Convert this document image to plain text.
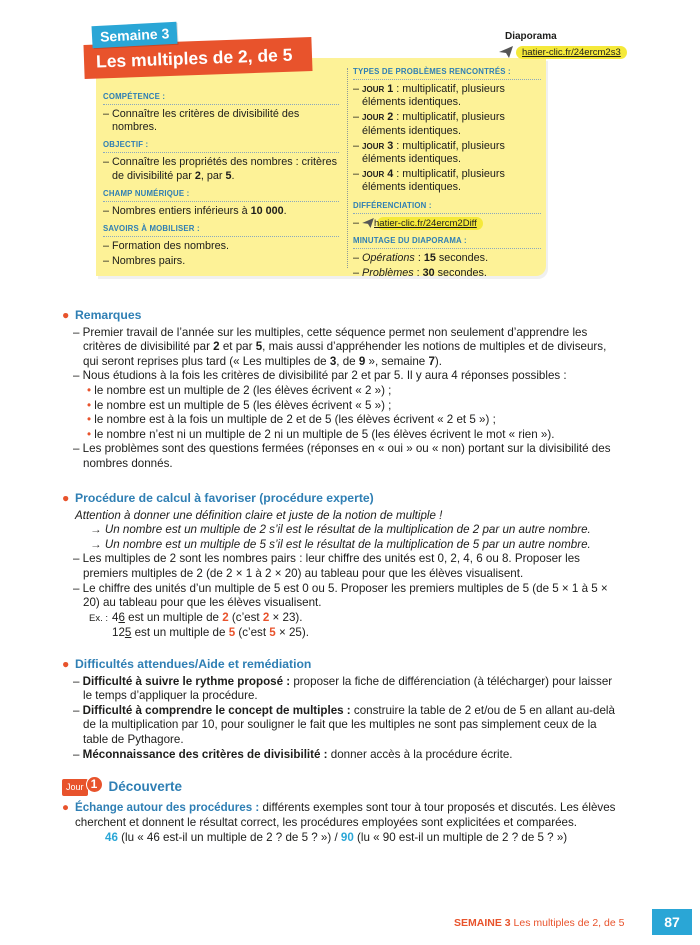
Semaine 3
Les multiples de 2, de 5
Diaporama
hatier-clic.fr/24ercm2s3
COMPÉTENCE :
– Connaître les critères de divisibilité des nombres.
OBJECTIF :
– Connaître les propriétés des nombres : critères de divisibilité par 2, par 5.
CHAMP NUMÉRIQUE :
– Nombres entiers inférieurs à 10 000.
SAVOIRS À MOBILISER :
– Formation des nombres.
– Nombres pairs.
TYPES DE PROBLÈMES RENCONTRÉS :
– JOUR 1 : multiplicatif, plusieurs éléments identiques.
– JOUR 2 : multiplicatif, plusieurs éléments identiques.
– JOUR 3 : multiplicatif, plusieurs éléments identiques.
– JOUR 4 : multiplicatif, plusieurs éléments identiques.
DIFFÉRENCIATION :
– hatier-clic.fr/24ercm2Diff
MINUTAGE DU DIAPORAMA :
– Opérations : 15 secondes.
– Problèmes : 30 secondes.
● Remarques
– Premier travail de l’année sur les multiples, cette séquence permet non seulement d’apprendre les critères de divisibilité par 2 et par 5, mais aussi d’appréhender les notions de multiples et de diviseurs, qui seront reprises plus tard (« Les multiples de 3, de 9 », semaine 7).
– Nous étudions à la fois les critères de divisibilité par 2 et par 5. Il y aura 4 réponses possibles :
• le nombre est un multiple de 2 (les élèves écrivent « 2 ») ;
• le nombre est un multiple de 5 (les élèves écrivent « 5 ») ;
• le nombre est à la fois un multiple de 2 et de 5 (les élèves écrivent « 2 et 5 ») ;
• le nombre n’est ni un multiple de 2 ni un multiple de 5 (les élèves écrivent le mot « rien »).
– Les problèmes sont des questions fermées (réponses en « oui » ou « non) portant sur la divisibilité des nombres donnés.
● Procédure de calcul à favoriser (procédure experte)
Attention à donner une définition claire et juste de la notion de multiple !
→ Un nombre est un multiple de 2 s’il est le résultat de la multiplication de 2 par un autre nombre.
→ Un nombre est un multiple de 5 s’il est le résultat de la multiplication de 5 par un autre nombre.
– Les multiples de 2 sont les nombres pairs : leur chiffre des unités est 0, 2, 4, 6 ou 8. Proposer les premiers multiples de 2 (de 2 × 1 à 2 × 20) au tableau pour que les élèves visualisent.
– Le chiffre des unités d’un multiple de 5 est 0 ou 5. Proposer les premiers multiples de 5 (de 5 × 1 à 5 × 20) au tableau pour que les élèves visualisent.
Ex. : 46 est un multiple de 2 (c’est 2 × 23).
125 est un multiple de 5 (c’est 5 × 25).
● Difficultés attendues/Aide et remédiation
– Difficulté à suivre le rythme proposé : proposer la fiche de différenciation (à télécharger) pour laisser le temps d’appliquer la procédure.
– Difficulté à comprendre le concept de multiples : construire la table de 2 et/ou de 5 en allant au-delà de la multiplication par 10, pour souligner le fait que les multiples ne sont pas simplement ceux de la table de Pythagore.
– Méconnaissance des critères de divisibilité : donner accès à la procédure écrite.
Jour 1 Découverte
● Échange autour des procédures : différents exemples sont tour à tour proposés et discutés. Les élèves cherchent et donnent le résultat correct, les procédures employées sont explicitées et comparées.
46 (lu « 46 est-il un multiple de 2 ? de 5 ? ») / 90 (lu « 90 est-il un multiple de 2 ? de 5 ? »)
SEMAINE 3 Les multiples de 2, de 5	87
